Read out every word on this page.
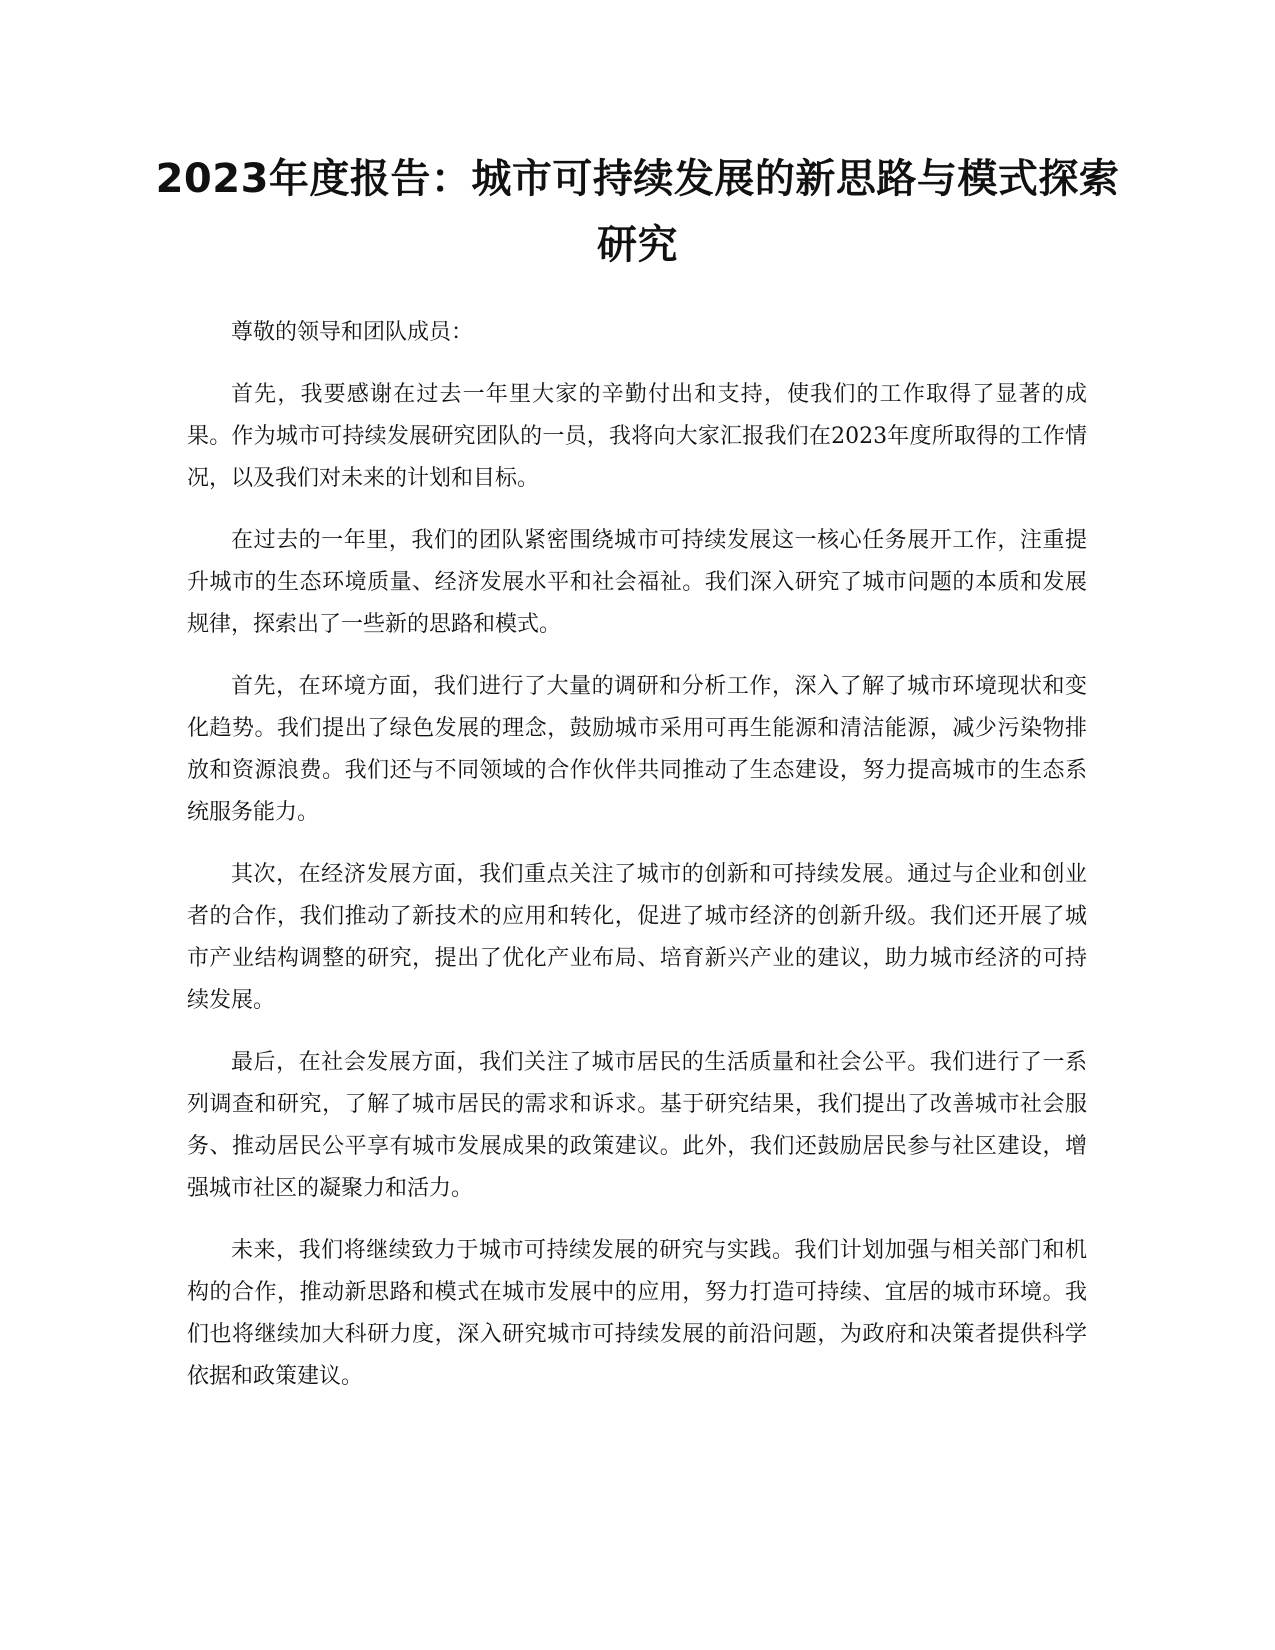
2023年度报告：城市可持续发展的新思路与模式探索研究

尊敬的领导和团队成员：

首先，我要感谢在过去一年里大家的辛勤付出和支持，使我们的工作取得了显著的成果。作为城市可持续发展研究团队的一员，我将向大家汇报我们在2023年度所取得的工作情况，以及我们对未来的计划和目标。

在过去的一年里，我们的团队紧密围绕城市可持续发展这一核心任务展开工作，注重提升城市的生态环境质量、经济发展水平和社会福祉。我们深入研究了城市问题的本质和发展规律，探索出了一些新的思路和模式。

首先，在环境方面，我们进行了大量的调研和分析工作，深入了解了城市环境现状和变化趋势。我们提出了绿色发展的理念，鼓励城市采用可再生能源和清洁能源，减少污染物排放和资源浪费。我们还与不同领域的合作伙伴共同推动了生态建设，努力提高城市的生态系统服务能力。

其次，在经济发展方面，我们重点关注了城市的创新和可持续发展。通过与企业和创业者的合作，我们推动了新技术的应用和转化，促进了城市经济的创新升级。我们还开展了城市产业结构调整的研究，提出了优化产业布局、培育新兴产业的建议，助力城市经济的可持续发展。

最后，在社会发展方面，我们关注了城市居民的生活质量和社会公平。我们进行了一系列调查和研究，了解了城市居民的需求和诉求。基于研究结果，我们提出了改善城市社会服务、推动居民公平享有城市发展成果的政策建议。此外，我们还鼓励居民参与社区建设，增强城市社区的凝聚力和活力。

未来，我们将继续致力于城市可持续发展的研究与实践。我们计划加强与相关部门和机构的合作，推动新思路和模式在城市发展中的应用，努力打造可持续、宜居的城市环境。我们也将继续加大科研力度，深入研究城市可持续发展的前沿问题，为政府和决策者提供科学依据和政策建议。
